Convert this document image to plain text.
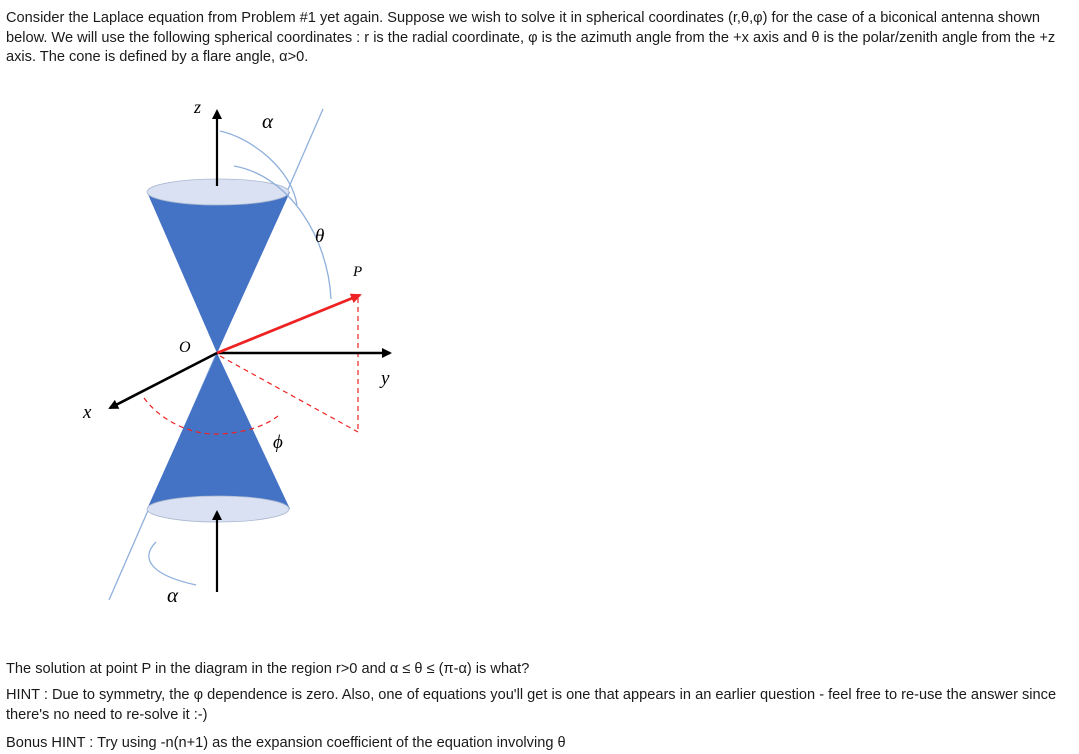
Consider the Laplace equation from Problem #1 yet again. Suppose we wish to solve it in spherical coordinates (r,θ,φ) for the case of a biconical antenna shown below. We will use the following spherical coordinates : r is the radial coordinate, φ is the azimuth angle from the +x axis and θ is the polar/zenith angle from the +z axis. The cone is defined by a flare angle, α>0.

z
α
θ
P
O
y
x
ϕ
α

The solution at point P in the diagram in the region r>0 and α ≤ θ ≤ (π-α) is what?

HINT : Due to symmetry, the φ dependence is zero. Also, one of equations you'll get is one that appears in an earlier question - feel free to re-use the answer since there's no need to re-solve it :-)

Bonus HINT : Try using -n(n+1) as the expansion coefficient of the equation involving θ
